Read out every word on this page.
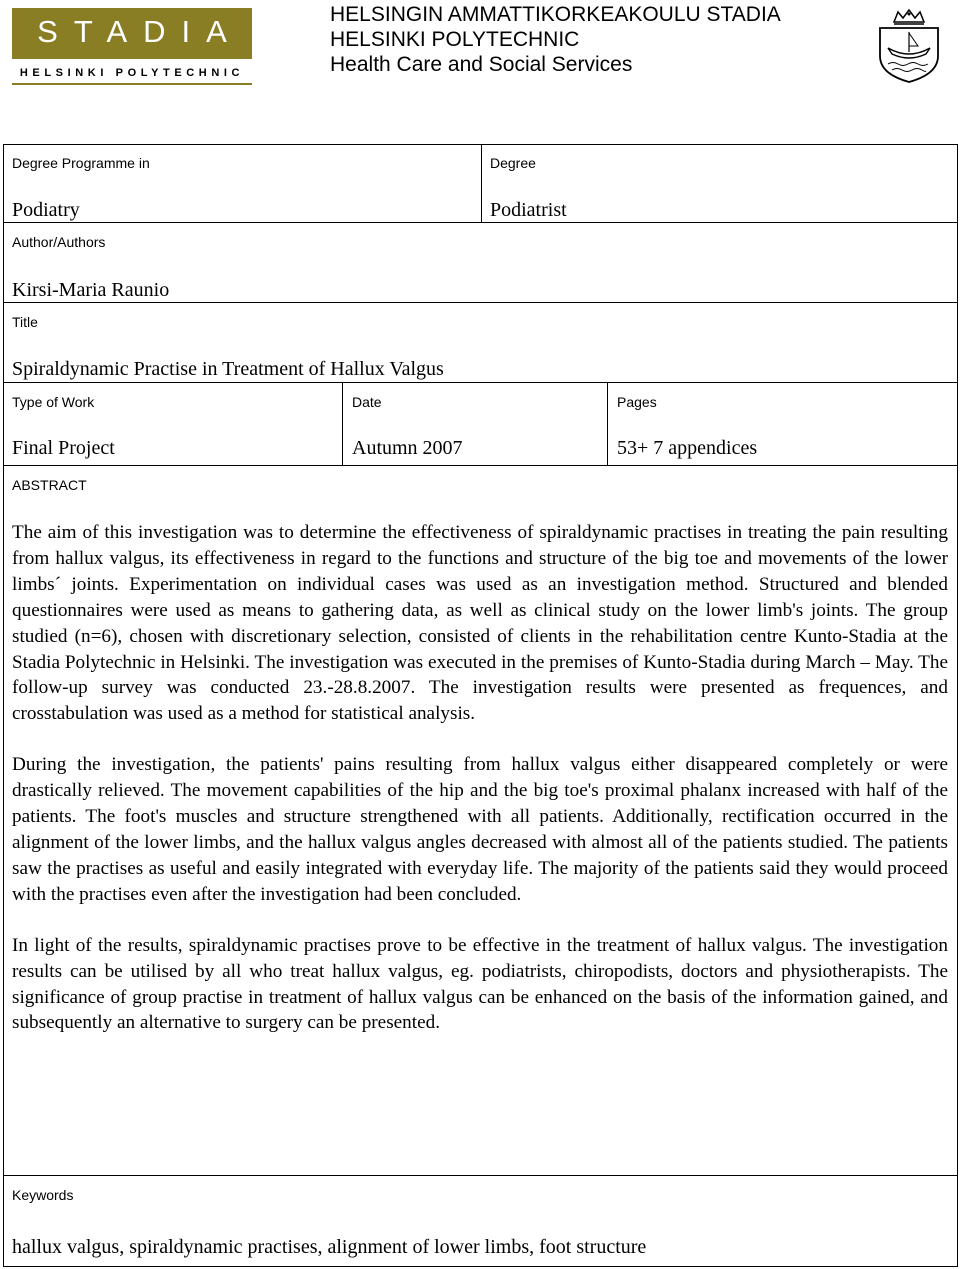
STADIA
HELSINKI POLYTECHNIC
HELSINGIN AMMATTIKORKEAKOULU STADIA
HELSINKI POLYTECHNIC
Health Care and Social Services
Degree Programme in
Podiatry
Degree
Podiatrist
Author/Authors
Kirsi-Maria Raunio
Title
Spiraldynamic Practise in Treatment of Hallux Valgus
Type of Work
Final Project
Date
Autumn 2007
Pages
53+ 7 appendices
ABSTRACT

The aim of this investigation was to determine the effectiveness of spiraldynamic practises in treating the pain resulting from hallux valgus, its effectiveness in regard to the functions and structure of the big toe and movements of the lower limbs´ joints. Experimentation on individual cases was used as an investigation method. Structured and blended questionnaires were used as means to gathering data, as well as clinical study on the lower limb's joints. The group studied (n=6), chosen with discretionary selection, consisted of clients in the rehabilitation centre Kunto-Stadia at the Stadia Polytechnic in Helsinki. The investigation was executed in the premises of Kunto-Stadia during March – May. The follow-up survey was conducted 23.-28.8.2007. The investigation results were presented as frequences, and crosstabulation was used as a method for statistical analysis.

During the investigation, the patients' pains resulting from hallux valgus either disappeared completely or were drastically relieved. The movement capabilities of the hip and the big toe's proximal phalanx increased with half of the patients. The foot's muscles and structure strengthened with all patients. Additionally, rectification occurred in the alignment of the lower limbs, and the hallux valgus angles decreased with almost all of the patients studied. The patients saw the practises as useful and easily integrated with everyday life. The majority of the patients said they would proceed with the practises even after the investigation had been concluded.

In light of the results, spiraldynamic practises prove to be effective in the treatment of hallux valgus. The investigation results can be utilised by all who treat hallux valgus, eg. podiatrists, chiropodists, doctors and physiotherapists. The significance of group practise in treatment of hallux valgus can be enhanced on the basis of the information gained, and subsequently an alternative to surgery can be presented.

Keywords
hallux valgus, spiraldynamic practises, alignment of lower limbs, foot structure
